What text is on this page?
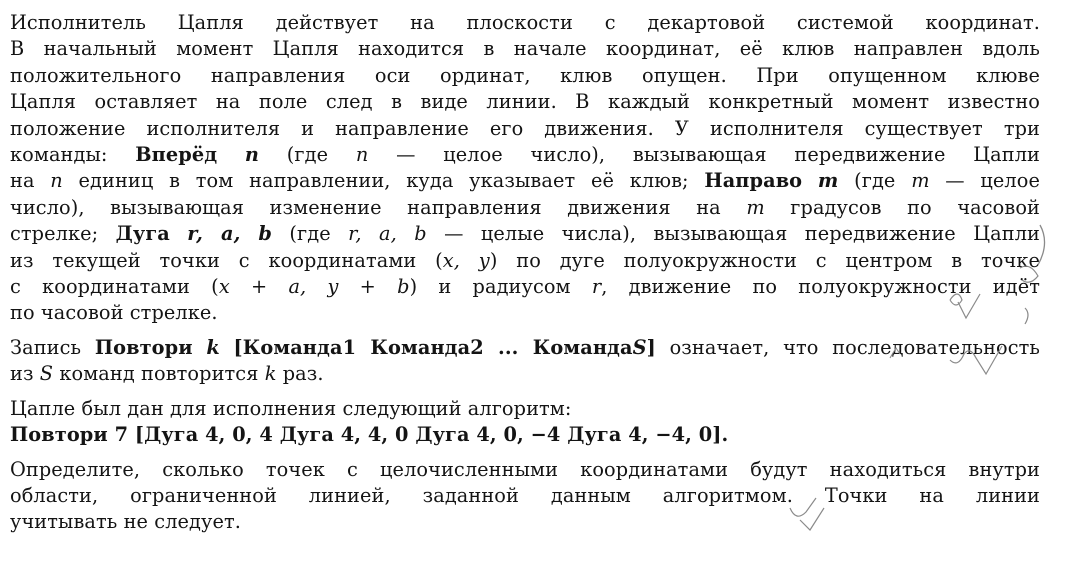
Исполнитель Цапля действует на плоскости с декартовой системой координат.
В начальный момент Цапля находится в начале координат, её клюв направлен вдоль
положительного направления оси ординат, клюв опущен. При опущенном клюве
Цапля оставляет на поле след в виде линии. В каждый конкретный момент известно
положение исполнителя и направление его движения. У исполнителя существует три
команды: Вперёд n (где n — целое число), вызывающая передвижение Цапли
на n единиц в том направлении, куда указывает её клюв; Направо m (где m — целое
число), вызывающая изменение направления движения на m градусов по часовой
стрелке; Дуга r, a, b (где r, a, b — целые числа), вызывающая передвижение Цапли
из текущей точки с координатами (x, y) по дуге полуокружности с центром в точке
с координатами (x + a, y + b) и радиусом r, движение по полуокружности идёт
по часовой стрелке.
Запись Повтори k [Команда1 Команда2 ... КомандаS] означает, что последовательность
из S команд повторится k раз.
Цапле был дан для исполнения следующий алгоритм:
Повтори 7 [Дуга 4, 0, 4 Дуга 4, 4, 0 Дуга 4, 0, −4 Дуга 4, −4, 0].
Определите, сколько точек с целочисленными координатами будут находиться внутри
области, ограниченной линией, заданной данным алгоритмом. Точки на линии
учитывать не следует.
